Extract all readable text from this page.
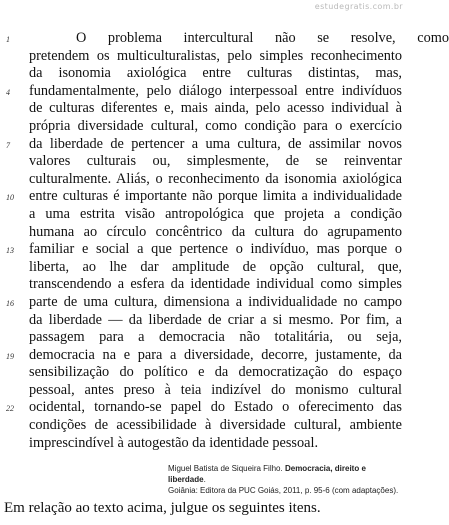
estudegratis.com.br
1	O problema intercultural não se resolve, como
pretendem os multiculturalistas, pelo simples reconhecimento
da isonomia axiológica entre culturas distintas, mas,
4	fundamentalmente, pelo diálogo interpessoal entre indivíduos
de culturas diferentes e, mais ainda, pelo acesso individual à
própria diversidade cultural, como condição para o exercício
7	da liberdade de pertencer a uma cultura, de assimilar novos
valores culturais ou, simplesmente, de se reinventar
culturalmente. Aliás, o reconhecimento da isonomia axiológica
10	entre culturas é importante não porque limita a individualidade
a uma estrita visão antropológica que projeta a condição
humana ao círculo concêntrico da cultura do agrupamento
13	familiar e social a que pertence o indivíduo, mas porque o
liberta, ao lhe dar amplitude de opção cultural, que,
transcendendo a esfera da identidade individual como simples
16	parte de uma cultura, dimensiona a individualidade no campo
da liberdade — da liberdade de criar a si mesmo. Por fim, a
passagem para a democracia não totalitária, ou seja,
19	democracia na e para a diversidade, decorre, justamente, da
sensibilização do político e da democratização do espaço
pessoal, antes preso à teia indizível do monismo cultural
22	ocidental, tornando-se papel do Estado o oferecimento das
condições de acessibilidade à diversidade cultural, ambiente
imprescindível à autogestão da identidade pessoal.
Miguel Batista de Siqueira Filho. Democracia, direito e liberdade.
Goiânia: Editora da PUC Goiás, 2011, p. 95-6 (com adaptações).
Em relação ao texto acima, julgue os seguintes itens.
